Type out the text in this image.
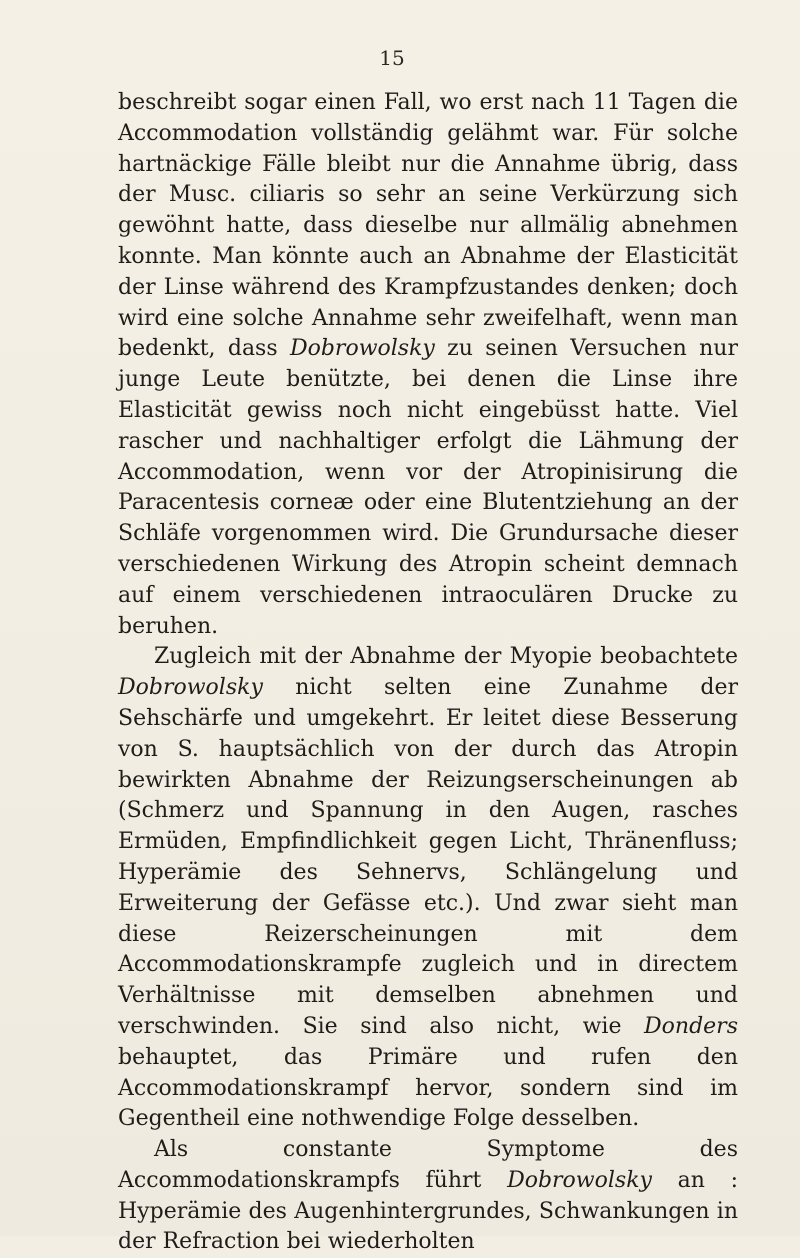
15

beschreibt sogar einen Fall, wo erst nach 11 Tagen die Accommodation vollständig gelähmt war. Für solche hartnäckige Fälle bleibt nur die Annahme übrig, dass der Musc. ciliaris so sehr an seine Verkürzung sich gewöhnt hatte, dass dieselbe nur allmälig abnehmen konnte. Man könnte auch an Abnahme der Elasticität der Linse während des Krampfzustandes denken; doch wird eine solche Annahme sehr zweifelhaft, wenn man bedenkt, dass Dobrowolsky zu seinen Versuchen nur junge Leute benützte, bei denen die Linse ihre Elasticität gewiss noch nicht eingebüsst hatte. Viel rascher und nachhaltiger erfolgt die Lähmung der Accommodation, wenn vor der Atropinisirung die Paracentesis corneæ oder eine Blutentziehung an der Schläfe vorgenommen wird. Die Grundursache dieser verschiedenen Wirkung des Atropin scheint demnach auf einem verschiedenen intraoculären Drucke zu beruhen.

Zugleich mit der Abnahme der Myopie beobachtete Dobrowolsky nicht selten eine Zunahme der Sehschärfe und umgekehrt. Er leitet diese Besserung von S. hauptsächlich von der durch das Atropin bewirkten Abnahme der Reizungserscheinungen ab (Schmerz und Spannung in den Augen, rasches Ermüden, Empfindlichkeit gegen Licht, Thränenfluss; Hyperämie des Sehnervs, Schlängelung und Erweiterung der Gefässe etc.). Und zwar sieht man diese Reizerscheinungen mit dem Accommodationskrampfe zugleich und in directem Verhältnisse mit demselben abnehmen und verschwinden. Sie sind also nicht, wie Donders behauptet, das Primäre und rufen den Accommodationskrampf hervor, sondern sind im Gegentheil eine nothwendige Folge desselben.

Als constante Symptome des Accommodationskrampfs führt Dobrowolsky an : Hyperämie des Augenhintergrundes, Schwankungen in der Refraction bei wiederholten
